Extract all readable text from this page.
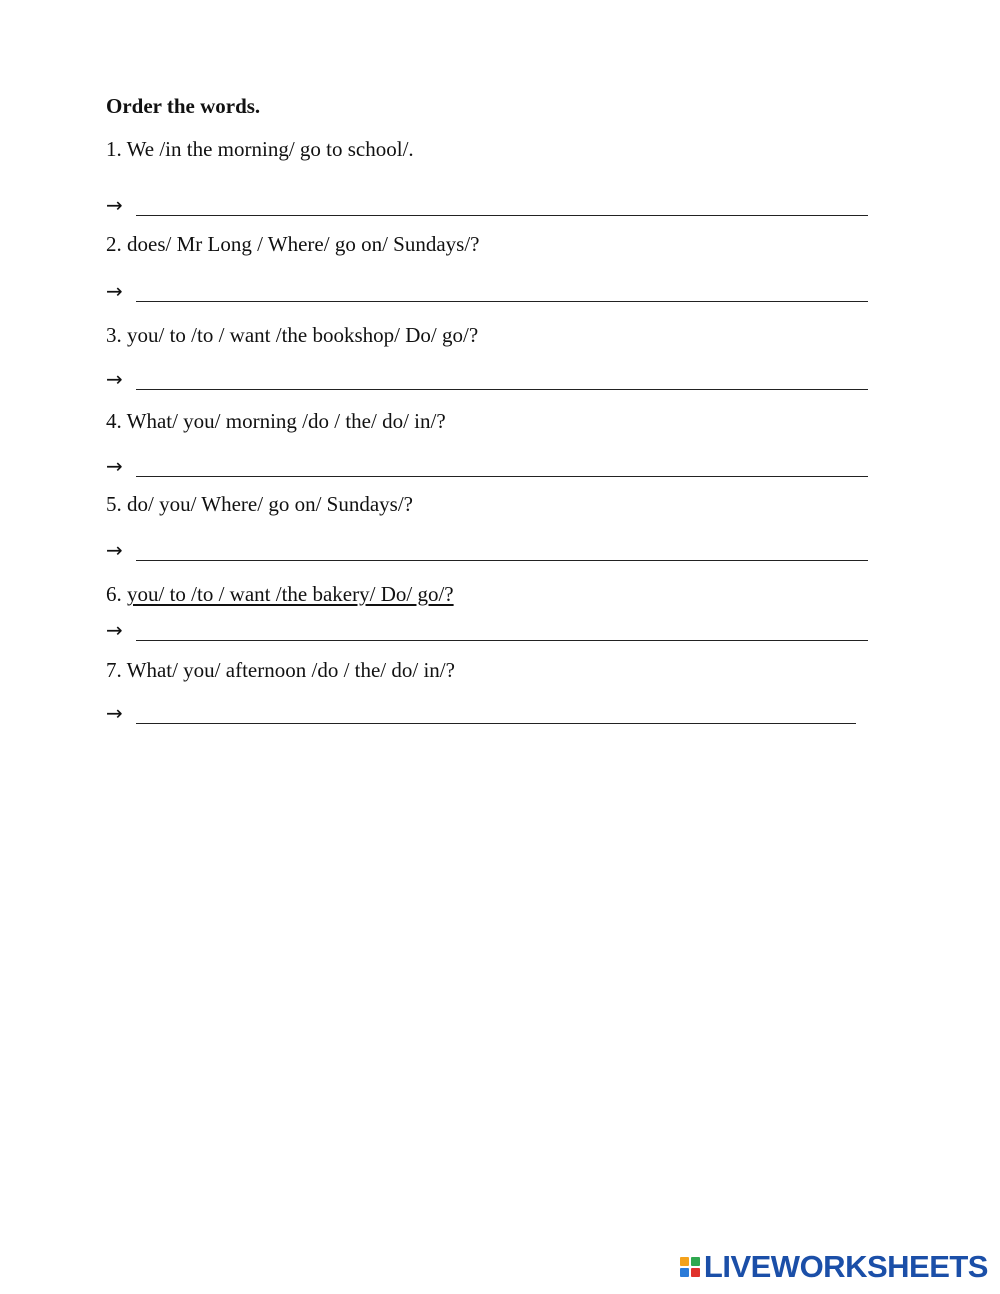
Order the words.

1. We /in the morning/ go to school/.
→
2. does/ Mr Long / Where/ go on/ Sundays/?
→
3. you/ to /to / want /the bookshop/ Do/ go/?
→
4. What/ you/ morning /do / the/ do/ in/?
→
5. do/ you/ Where/ go on/ Sundays/?
→
6. you/ to /to / want /the bakery/ Do/ go/?
→
7. What/ you/ afternoon /do / the/ do/ in/?
→
LIVEWORKSHEETS
